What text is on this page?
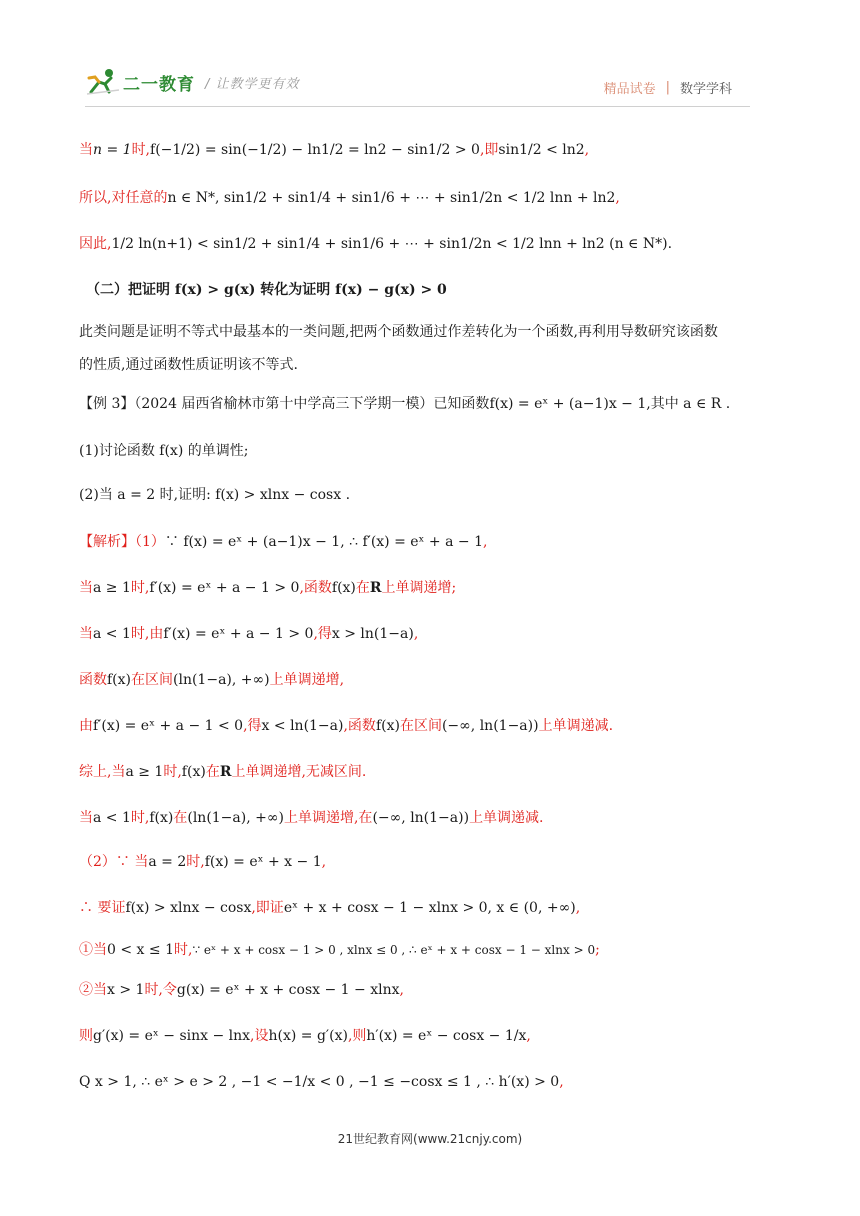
二一教育 / 让教学更有效	精品试卷 | 数学学科
当n = 1时,f(−1/2) = sin(−1/2) − ln1/2 = ln2 − sin1/2 > 0,即sin1/2 < ln2,
所以,对任意的n ∈ N*, sin1/2 + sin1/4 + sin1/6 + ⋯ + sin1/2n < 1/2 lnn + ln2,
因此,1/2 ln(n+1) < sin1/2 + sin1/4 + sin1/6 + ⋯ + sin1/2n < 1/2 lnn + ln2 (n ∈ N*).
（二）把证明 f(x) > g(x) 转化为证明 f(x) − g(x) > 0
此类问题是证明不等式中最基本的一类问题,把两个函数通过作差转化为一个函数,再利用导数研究该函数
的性质,通过函数性质证明该不等式.
【例 3】（2024 届西省榆林市第十中学高三下学期一模）已知函数f(x) = eˣ + (a−1)x − 1,其中 a ∈ R .
(1)讨论函数 f(x) 的单调性;
(2)当 a = 2 时,证明: f(x) > xlnx − cosx .
【解析】（1）∵ f(x) = eˣ + (a−1)x − 1, ∴ f′(x) = eˣ + a − 1,
当a ≥ 1时,f′(x) = eˣ + a − 1 > 0,函数f(x)在R上单调递增;
当a < 1时,由f′(x) = eˣ + a − 1 > 0,得x > ln(1−a),
函数f(x)在区间(ln(1−a), +∞)上单调递增,
由f′(x) = eˣ + a − 1 < 0,得x < ln(1−a),函数f(x)在区间(−∞, ln(1−a))上单调递减.
综上,当a ≥ 1时,f(x)在R上单调递增,无减区间.
当a < 1时,f(x)在(ln(1−a), +∞)上单调递增,在(−∞, ln(1−a))上单调递减.
（2）∵ 当a = 2时,f(x) = eˣ + x − 1,
∴ 要证f(x) > xlnx − cosx,即证eˣ + x + cosx − 1 − xlnx > 0, x ∈ (0, +∞),
①当0 < x ≤ 1时,∵ eˣ + x + cosx − 1 > 0 , xlnx ≤ 0 , ∴ eˣ + x + cosx − 1 − xlnx > 0;
②当x > 1时,令g(x) = eˣ + x + cosx − 1 − xlnx,
则g′(x) = eˣ − sinx − lnx,设h(x) = g′(x),则h′(x) = eˣ − cosx − 1/x,
Q x > 1, ∴ eˣ > e > 2 , −1 < −1/x < 0 , −1 ≤ −cosx ≤ 1 , ∴ h′(x) > 0,
21世纪教育网(www.21cnjy.com)
